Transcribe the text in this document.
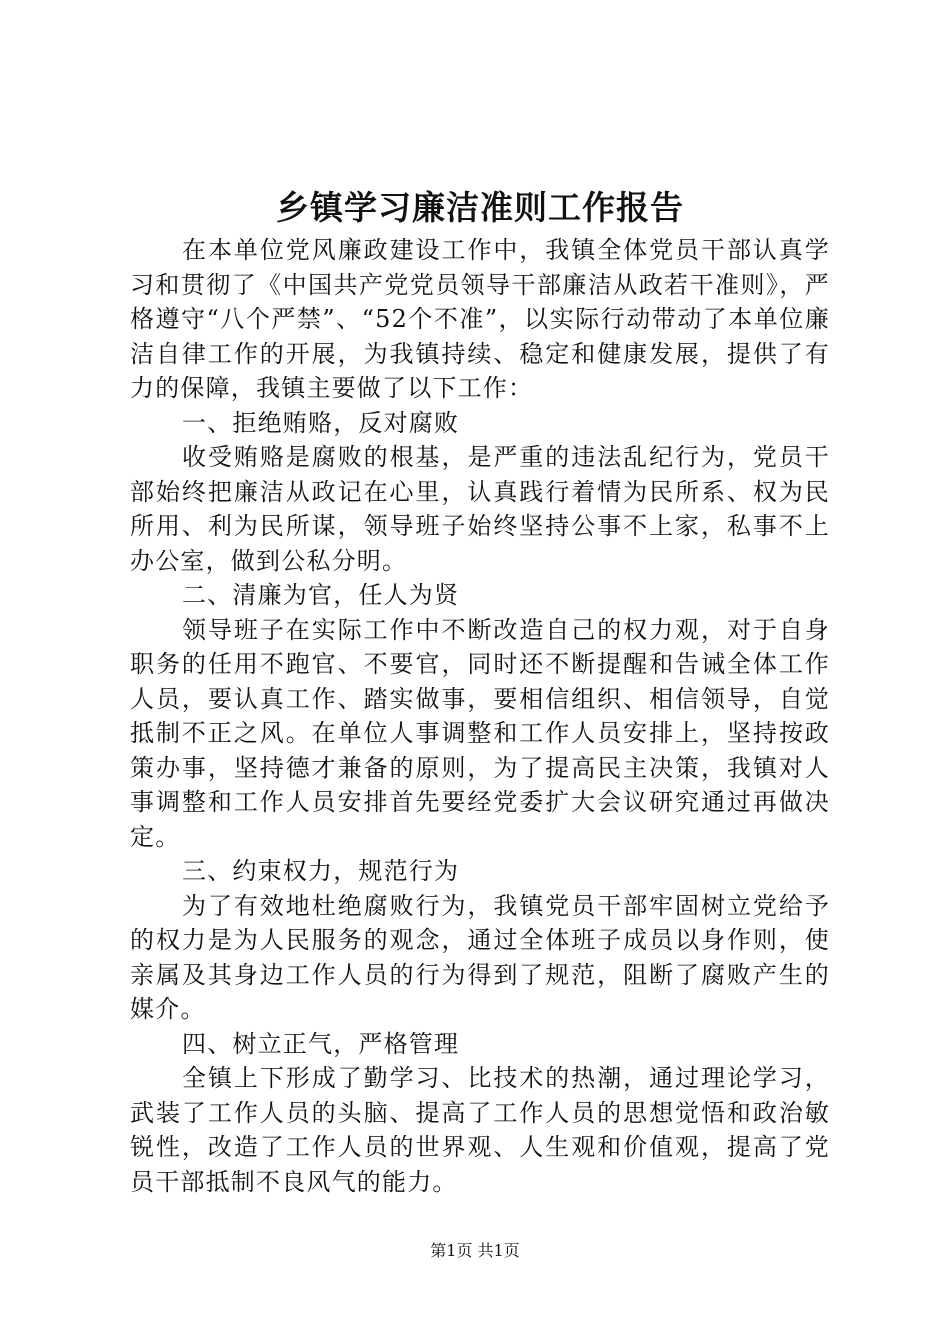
乡镇学习廉洁准则工作报告

在本单位党风廉政建设工作中，我镇全体党员干部认真学习和贯彻了《中国共产党党员领导干部廉洁从政若干准则》，严格遵守“八个严禁”、“52个不准”，以实际行动带动了本单位廉洁自律工作的开展，为我镇持续、稳定和健康发展，提供了有力的保障，我镇主要做了以下工作：

一、拒绝贿赂，反对腐败

收受贿赂是腐败的根基，是严重的违法乱纪行为，党员干部始终把廉洁从政记在心里，认真践行着情为民所系、权为民所用、利为民所谋，领导班子始终坚持公事不上家，私事不上办公室，做到公私分明。

二、清廉为官，任人为贤

领导班子在实际工作中不断改造自己的权力观，对于自身职务的任用不跑官、不要官，同时还不断提醒和告诫全体工作人员，要认真工作、踏实做事，要相信组织、相信领导，自觉抵制不正之风。在单位人事调整和工作人员安排上，坚持按政策办事，坚持德才兼备的原则，为了提高民主决策，我镇对人事调整和工作人员安排首先要经党委扩大会议研究通过再做决定。

三、约束权力，规范行为

为了有效地杜绝腐败行为，我镇党员干部牢固树立党给予的权力是为人民服务的观念，通过全体班子成员以身作则，使亲属及其身边工作人员的行为得到了规范，阻断了腐败产生的媒介。

四、树立正气，严格管理

全镇上下形成了勤学习、比技术的热潮，通过理论学习，武装了工作人员的头脑、提高了工作人员的思想觉悟和政治敏锐性，改造了工作人员的世界观、人生观和价值观，提高了党员干部抵制不良风气的能力。

第1页 共1页
